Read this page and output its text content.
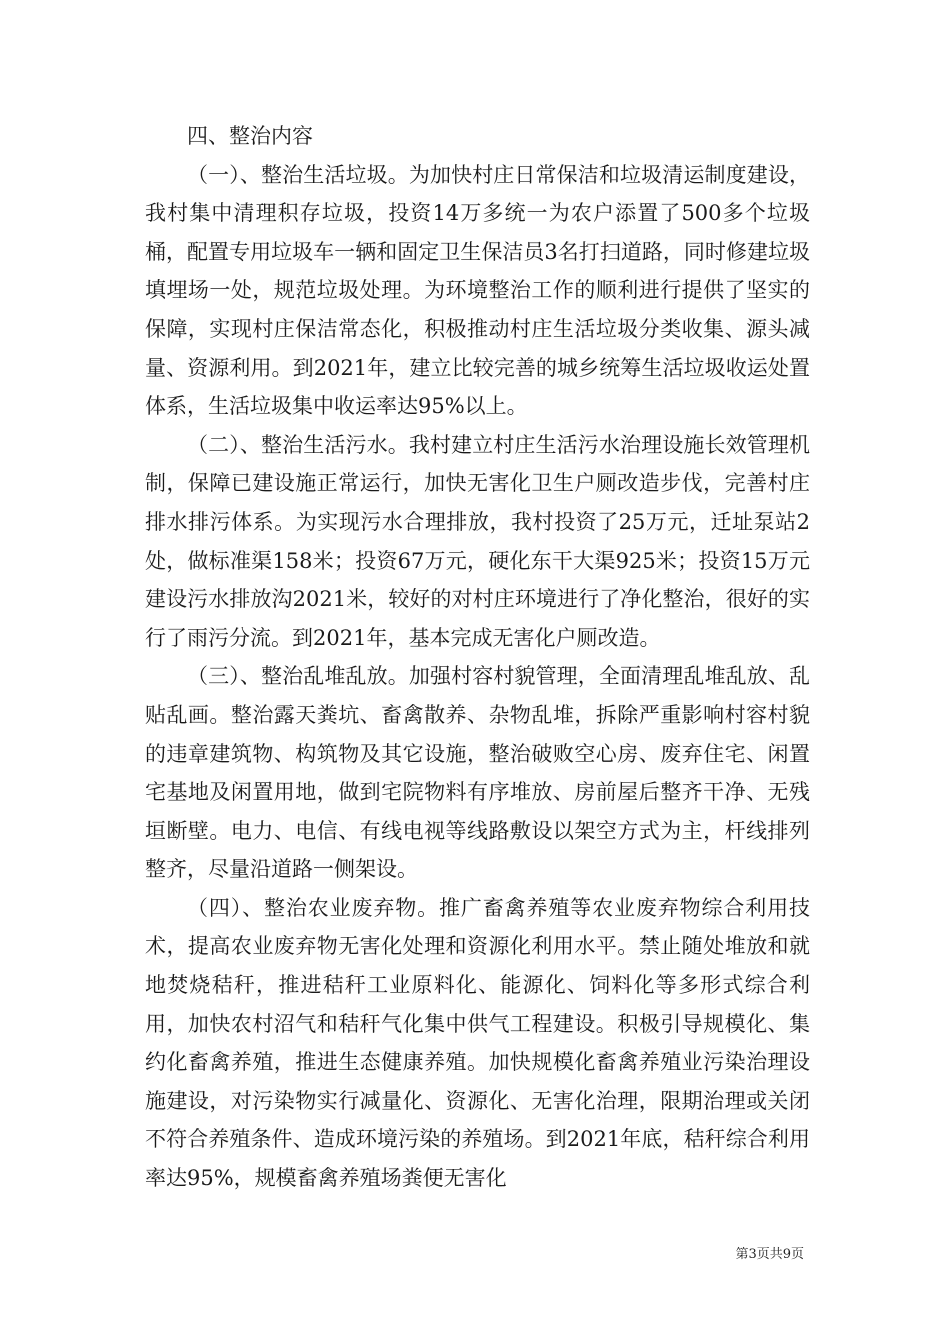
四、整治内容

（一）、整治生活垃圾。为加快村庄日常保洁和垃圾清运制度建设，我村集中清理积存垃圾，投资14万多统一为农户添置了500多个垃圾桶，配置专用垃圾车一辆和固定卫生保洁员3名打扫道路，同时修建垃圾填埋场一处，规范垃圾处理。为环境整治工作的顺利进行提供了坚实的保障，实现村庄保洁常态化，积极推动村庄生活垃圾分类收集、源头减量、资源利用。到2021年，建立比较完善的城乡统筹生活垃圾收运处置体系，生活垃圾集中收运率达95%以上。

（二）、整治生活污水。我村建立村庄生活污水治理设施长效管理机制，保障已建设施正常运行，加快无害化卫生户厕改造步伐，完善村庄排水排污体系。为实现污水合理排放，我村投资了25万元，迁址泵站2处，做标准渠158米；投资67万元，硬化东干大渠925米；投资15万元建设污水排放沟2021米，较好的对村庄环境进行了净化整治，很好的实行了雨污分流。到2021年，基本完成无害化户厕改造。

（三）、整治乱堆乱放。加强村容村貌管理，全面清理乱堆乱放、乱贴乱画。整治露天粪坑、畜禽散养、杂物乱堆，拆除严重影响村容村貌的违章建筑物、构筑物及其它设施，整治破败空心房、废弃住宅、闲置宅基地及闲置用地，做到宅院物料有序堆放、房前屋后整齐干净、无残垣断壁。电力、电信、有线电视等线路敷设以架空方式为主，杆线排列整齐，尽量沿道路一侧架设。

（四）、整治农业废弃物。推广畜禽养殖等农业废弃物综合利用技术，提高农业废弃物无害化处理和资源化利用水平。禁止随处堆放和就地焚烧秸秆，推进秸秆工业原料化、能源化、饲料化等多形式综合利用，加快农村沼气和秸秆气化集中供气工程建设。积极引导规模化、集约化畜禽养殖，推进生态健康养殖。加快规模化畜禽养殖业污染治理设施建设，对污染物实行减量化、资源化、无害化治理，限期治理或关闭不符合养殖条件、造成环境污染的养殖场。到2021年底，秸秆综合利用率达95%，规模畜禽养殖场粪便无害化

第3页共9页
